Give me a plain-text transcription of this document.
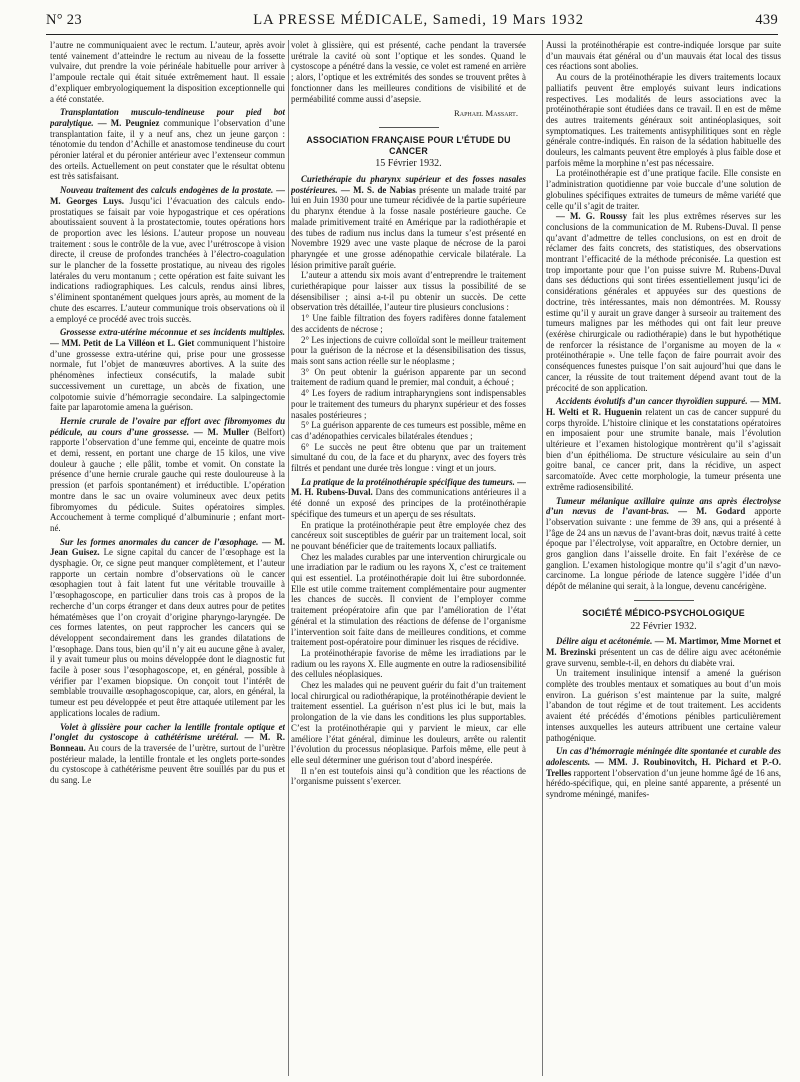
N° 23	LA PRESSE MÉDICALE, Samedi, 19 Mars 1932	439

l’autre ne communiquaient avec le rectum. L’auteur, après avoir tenté vainement d’atteindre le rectum au niveau de la fossette vulvaire, dut prendre la voie périnéale habituelle pour arriver à l’ampoule rectale qui était située extrêmement haut. Il essaie d’expliquer embryologiquement la disposition exceptionnelle qui a été constatée.

Transplantation musculo-tendineuse pour pied bot paralytique. — M. Peugniez communique l’observation d’une transplantation faite, il y a neuf ans, chez un jeune garçon : ténotomie du tendon d’Achille et anastomose tendineuse du court péronier latéral et du péronier antérieur avec l’extenseur commun des orteils. Actuellement on peut constater que le résultat obtenu est très satisfaisant.

Nouveau traitement des calculs endogènes de la prostate. — M. Georges Luys. Jusqu’ici l’évacuation des calculs endo-prostatiques se faisait par voie hypogastrique et ces opérations aboutissaient souvent à la prostatectomie, toutes opérations hors de proportion avec les lésions. L’auteur propose un nouveau traitement : sous le contrôle de la vue, avec l’urétroscope à vision directe, il creuse de profondes tranchées à l’électro-coagulation sur le plancher de la fossette prostatique, au niveau des rigoles latérales du veru montanum ; cette opération est faite suivant les indications radiographiques. Les calculs, rendus ainsi libres, s’éliminent spontanément quelques jours après, au moment de la chute des escarres. L’auteur communique trois observations où il a employé ce procédé avec trois succès.

Grossesse extra-utérine méconnue et ses incidents multiples. — MM. Petit de La Villéon et L. Giet communiquent l’histoire d’une grossesse extra-utérine qui, prise pour une grossesse normale, fut l’objet de manœuvres abortives. A la suite des phénomènes infectieux consécutifs, la malade subit successivement un curettage, un abcès de fixation, une colpotomie suivie d’hémorragie secondaire. La salpingectomie faite par laparotomie amena la guérison.

Hernie crurale de l’ovaire par effort avec fibromyomes du pédicule, au cours d’une grossesse. — M. Muller (Belfort) rapporte l’observation d’une femme qui, enceinte de quatre mois et demi, ressent, en portant une charge de 15 kilos, une vive douleur à gauche ; elle pâlit, tombe et vomit. On constate la présence d’une hernie crurale gauche qui reste douloureuse à la pression (et parfois spontanément) et irréductible. L’opération montre dans le sac un ovaire volumineux avec deux petits fibromyomes du pédicule. Suites opératoires simples. Accouchement à terme compliqué d’albuminurie ; enfant mort-né.

Sur les formes anormales du cancer de l’œsophage. — M. Jean Guisez. Le signe capital du cancer de l’œsophage est la dysphagie. Or, ce signe peut manquer complètement, et l’auteur rapporte un certain nombre d’observations où le cancer œsophagien tout à fait latent fut une véritable trouvaille à l’œsophagoscope, en particulier dans trois cas à propos de la recherche d’un corps étranger et dans deux autres pour de petites hématémèses que l’on croyait d’origine pharyngo-laryngée. De ces formes latentes, on peut rapprocher les cancers qui se développent secondairement dans les grandes dilatations de l’œsophage. Dans tous, bien qu’il n’y ait eu aucune gêne à avaler, il y avait tumeur plus ou moins développée dont le diagnostic fut facile à poser sous l’œsophagoscope, et, en général, possible à vérifier par l’examen biopsique. On conçoit tout l’intérêt de semblable trouvaille œsophagoscopique, car, alors, en général, la tumeur est peu développée et peut être attaquée utilement par les applications locales de radium.

Volet à glissière pour cacher la lentille frontale optique et l’onglet du cystoscope à cathétérisme urétéral. — M. R. Bonneau. Au cours de la traversée de l’urètre, surtout de l’urètre postérieur malade, la lentille frontale et les onglets porte-sondes du cystoscope à cathétérisme peuvent être souillés par du pus et du sang. Le

volet à glissière, qui est présenté, cache pendant la traversée urétrale la cavité où sont l’optique et les sondes. Quand le cystoscope a pénétré dans la vessie, ce volet est ramené en arrière ; alors, l’optique et les extrémités des sondes se trouvent prêtes à fonctionner dans les meilleures conditions de visibilité et de perméabilité comme aussi d’asepsie.

Raphael Massart.
ASSOCIATION FRANÇAISE POUR L’ÉTUDE DU CANCER
15 Février 1932.

Curiethérapie du pharynx supérieur et des fosses nasales postérieures. — M. S. de Nabias présente un malade traité par lui en Juin 1930 pour une tumeur récidivée de la partie supérieure du pharynx étendue à la fosse nasale postérieure gauche. Ce malade primitivement traité en Amérique par la radiothérapie et des tubes de radium nus inclus dans la tumeur s’est présenté en Novembre 1929 avec une vaste plaque de nécrose de la paroi pharyngée et une grosse adénopathie cervicale bilatérale. La lésion primitive paraît guérie.

L’auteur a attendu six mois avant d’entreprendre le traitement curiethérapique pour laisser aux tissus la possibilité de se désensibiliser ; ainsi a-t-il pu obtenir un succès. De cette observation très détaillée, l’auteur tire plusieurs conclusions :

1° Une faible filtration des foyers radifères donne fatalement des accidents de nécrose ;

2° Les injections de cuivre colloïdal sont le meilleur traitement pour la guérison de la nécrose et la désensibilisation des tissus, mais sont sans action réelle sur le néoplasme ;

3° On peut obtenir la guérison apparente par un second traitement de radium quand le premier, mal conduit, a échoué ;

4° Les foyers de radium intrapharyngiens sont indispensables pour le traitement des tumeurs du pharynx supérieur et des fosses nasales postérieures ;

5° La guérison apparente de ces tumeurs est possible, même en cas d’adénopathies cervicales bilatérales étendues ;

6° Le succès ne peut être obtenu que par un traitement simultané du cou, de la face et du pharynx, avec des foyers très filtrés et pendant une durée très longue : vingt et un jours.

La pratique de la protéinothérapie spécifique des tumeurs. — M. H. Rubens-Duval. Dans des communications antérieures il a été donné un exposé des principes de la protéinothérapie spécifique des tumeurs et un aperçu de ses résultats.

En pratique la protéinothérapie peut être employée chez des cancéreux soit susceptibles de guérir par un traitement local, soit ne pouvant bénéficier que de traitements locaux palliatifs.

Chez les malades curables par une intervention chirurgicale ou une irradiation par le radium ou les rayons X, c’est ce traitement qui est essentiel. La protéinothérapie doit lui être subordonnée. Elle est utile comme traitement complémentaire pour augmenter les chances de succès. Il convient de l’employer comme traitement préopératoire afin que par l’amélioration de l’état général et la stimulation des réactions de défense de l’organisme l’intervention soit faite dans de meilleures conditions, et comme traitement post-opératoire pour diminuer les risques de récidive.

La protéinothérapie favorise de même les irradiations par le radium ou les rayons X. Elle augmente en outre la radiosensibilité des cellules néoplasiques.

Chez les malades qui ne peuvent guérir du fait d’un traitement local chirurgical ou radiothérapique, la protéinothérapie devient le traitement essentiel. La guérison n’est plus ici le but, mais la prolongation de la vie dans les conditions les plus supportables. C’est la protéinothérapie qui y parvient le mieux, car elle améliore l’état général, diminue les douleurs, arrête ou ralentit l’évolution du processus néoplasique. Parfois même, elle peut à elle seul déterminer une guérison tout d’abord inespérée.

Il n’en est toutefois ainsi qu’à condition que les réactions de l’organisme puissent s’exercer.

Aussi la protéinothérapie est contre-indiquée lorsque par suite d’un mauvais état général ou d’un mauvais état local des tissus ces réactions sont abolies.

Au cours de la protéinothérapie les divers traitements locaux palliatifs peuvent être employés suivant leurs indications respectives. Les modalités de leurs associations avec la protéinothérapie sont étudiées dans ce travail. Il en est de même des autres traitements généraux soit antinéoplasiques, soit symptomatiques. Les traitements antisyphilitiques sont en règle générale contre-indiqués. En raison de la sédation habituelle des douleurs, les calmants peuvent être employés à plus faible dose et parfois même la morphine n’est pas nécessaire.

La protéinothérapie est d’une pratique facile. Elle consiste en l’administration quotidienne par voie buccale d’une solution de globulines spécifiques extraites de tumeurs de même variété que celle qu’il s’agit de traiter.

— M. G. Roussy fait les plus extrêmes réserves sur les conclusions de la communication de M. Rubens-Duval. Il pense qu’avant d’admettre de telles conclusions, on est en droit de réclamer des faits concrets, des statistiques, des observations montrant l’efficacité de la méthode préconisée. La question est trop importante pour que l’on puisse suivre M. Rubens-Duval dans ses déductions qui sont tirées essentiellement jusqu’ici de considérations générales et appuyées sur des questions de doctrine, très intéressantes, mais non démontrées. M. Roussy estime qu’il y aurait un grave danger à surseoir au traitement des tumeurs malignes par les méthodes qui ont fait leur preuve (exérèse chirurgicale ou radiothérapie) dans le but hypothétique de renforcer la résistance de l’organisme au moyen de la « protéinothérapie ». Une telle façon de faire pourrait avoir des conséquences funestes puisque l’on sait aujourd’hui que dans le cancer, la réussite de tout traitement dépend avant tout de la précocité de son application.

Accidents évolutifs d’un cancer thyroïdien suppuré. — MM. H. Welti et R. Huguenin relatent un cas de cancer suppuré du corps thyroïde. L’histoire clinique et les constatations opératoires en imposaient pour une strumite banale, mais l’évolution ultérieure et l’examen histologique montrèrent qu’il s’agissait bien d’un épithélioma. De structure vésiculaire au sein d’un goitre banal, ce cancer prit, dans la récidive, un aspect sarcomatoïde. Avec cette morphologie, la tumeur présenta une extrême radiosensibilité.

Tumeur mélanique axillaire quinze ans après électrolyse d’un nævus de l’avant-bras. — M. Godard apporte l’observation suivante : une femme de 39 ans, qui a présenté à l’âge de 24 ans un nævus de l’avant-bras doit, nævus traité à cette époque par l’électrolyse, voit apparaître, en Octobre dernier, un gros ganglion dans l’aisselle droite. En fait l’exérèse de ce ganglion. L’examen histologique montre qu’il s’agit d’un nævo-carcinome. La longue période de latence suggère l’idée d’un dépôt de mélanine qui serait, à la longue, devenu cancérigène.

SOCIÉTÉ MÉDICO-PSYCHOLOGIQUE
22 Février 1932.

Délire aigu et acétonémie. — M. Martimor, Mme Mornet et M. Brezinski présentent un cas de délire aigu avec acétonémie grave survenu, semble-t-il, en dehors du diabète vrai.

Un traitement insulinique intensif a amené la guérison complète des troubles mentaux et somatiques au bout d’un mois environ. La guérison s’est maintenue par la suite, malgré l’abandon de tout régime et de tout traitement. Les accidents avaient été précédés d’émotions pénibles particulièrement intenses auxquelles les auteurs attribuent une certaine valeur pathogénique.

Un cas d’hémorragie méningée dite spontanée et curable des adolescents. — MM. J. Roubinovitch, H. Pichard et P.-O. Trelles rapportent l’observation d’un jeune homme âgé de 16 ans, hérédo-spécifique, qui, en pleine santé apparente, a présenté un syndrome méningé, manifes-
